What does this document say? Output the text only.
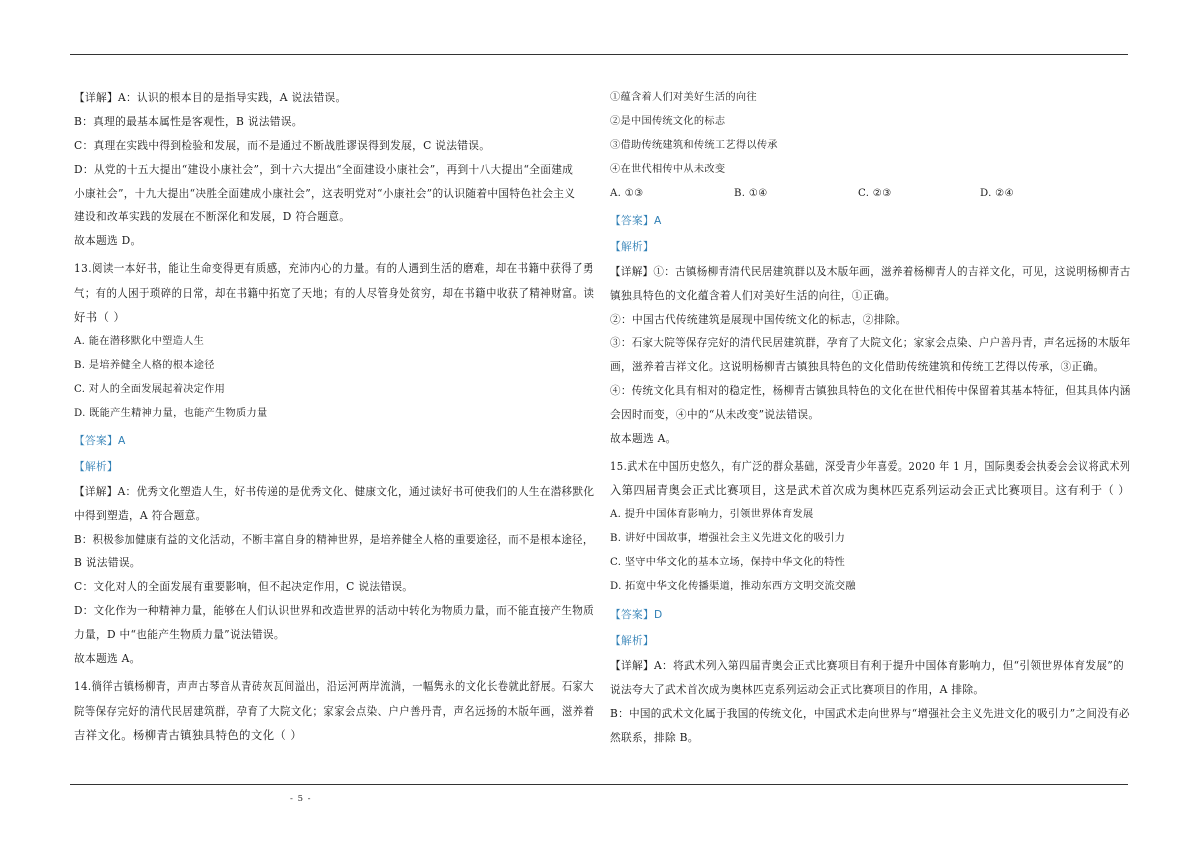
【详解】A：认识的根本目的是指导实践，A 说法错误。
B：真理的最基本属性是客观性，B 说法错误。
C：真理在实践中得到检验和发展，而不是通过不断战胜谬误得到发展，C 说法错误。
D：从党的十五大提出“建设小康社会”，到十六大提出“全面建设小康社会”，再到十八大提出“全面建成
小康社会”，十九大提出“决胜全面建成小康社会”，这表明党对“小康社会”的认识随着中国特色社会主义
建设和改革实践的发展在不断深化和发展，D 符合题意。
故本题选 D。
13.阅读一本好书，能让生命变得更有质感，充沛内心的力量。有的人遇到生活的磨难，却在书籍中获得了勇
气；有的人困于琐碎的日常，却在书籍中拓宽了天地；有的人尽管身处贫穷，却在书籍中收获了精神财富。读
好书（ ）
A. 能在潜移默化中塑造人生
B. 是培养健全人格的根本途径
C. 对人的全面发展起着决定作用
D. 既能产生精神力量，也能产生物质力量
【答案】A
【解析】
【详解】A：优秀文化塑造人生，好书传递的是优秀文化、健康文化，通过读好书可使我们的人生在潜移默化
中得到塑造，A 符合题意。
B：积极参加健康有益的文化活动，不断丰富自身的精神世界，是培养健全人格的重要途径，而不是根本途径，
B 说法错误。
C：文化对人的全面发展有重要影响，但不起决定作用，C 说法错误。
D：文化作为一种精神力量，能够在人们认识世界和改造世界的活动中转化为物质力量，而不能直接产生物质
力量，D 中“也能产生物质力量”说法错误。
故本题选 A。
14.徜徉古镇杨柳青，声声古琴音从青砖灰瓦间溢出，沿运河两岸流淌，一幅隽永的文化长卷就此舒展。石家大
院等保存完好的清代民居建筑群，孕育了大院文化；家家会点染、户户善丹青，声名远扬的木版年画，滋养着
吉祥文化。杨柳青古镇独具特色的文化（ ）
①蕴含着人们对美好生活的向往
②是中国传统文化的标志
③借助传统建筑和传统工艺得以传承
④在世代相传中从未改变
A. ①③	B. ①④	C. ②③	D. ②④
【答案】A
【解析】
【详解】①：古镇杨柳青清代民居建筑群以及木版年画，滋养着杨柳青人的吉祥文化，可见，这说明杨柳青古
镇独具特色的文化蕴含着人们对美好生活的向往，①正确。
②：中国古代传统建筑是展现中国传统文化的标志，②排除。
③：石家大院等保存完好的清代民居建筑群，孕育了大院文化；家家会点染、户户善丹青，声名远扬的木版年
画，滋养着吉祥文化。这说明杨柳青古镇独具特色的文化借助传统建筑和传统工艺得以传承，③正确。
④：传统文化具有相对的稳定性，杨柳青古镇独具特色的文化在世代相传中保留着其基本特征，但其具体内涵
会因时而变，④中的“从未改变”说法错误。
故本题选 A。
15.武术在中国历史悠久，有广泛的群众基础，深受青少年喜爱。2020 年 1 月，国际奥委会执委会会议将武术列
入第四届青奥会正式比赛项目，这是武术首次成为奥林匹克系列运动会正式比赛项目。这有利于（ ）
A. 提升中国体育影响力，引领世界体育发展
B. 讲好中国故事，增强社会主义先进文化的吸引力
C. 坚守中华文化的基本立场，保持中华文化的特性
D. 拓宽中华文化传播渠道，推动东西方文明交流交融
【答案】D
【解析】
【详解】A：将武术列入第四届青奥会正式比赛项目有利于提升中国体育影响力，但“引领世界体育发展”的
说法夸大了武术首次成为奥林匹克系列运动会正式比赛项目的作用，A 排除。
B：中国的武术文化属于我国的传统文化，中国武术走向世界与“增强社会主义先进文化的吸引力”之间没有必
然联系，排除 B。
- 5 -
